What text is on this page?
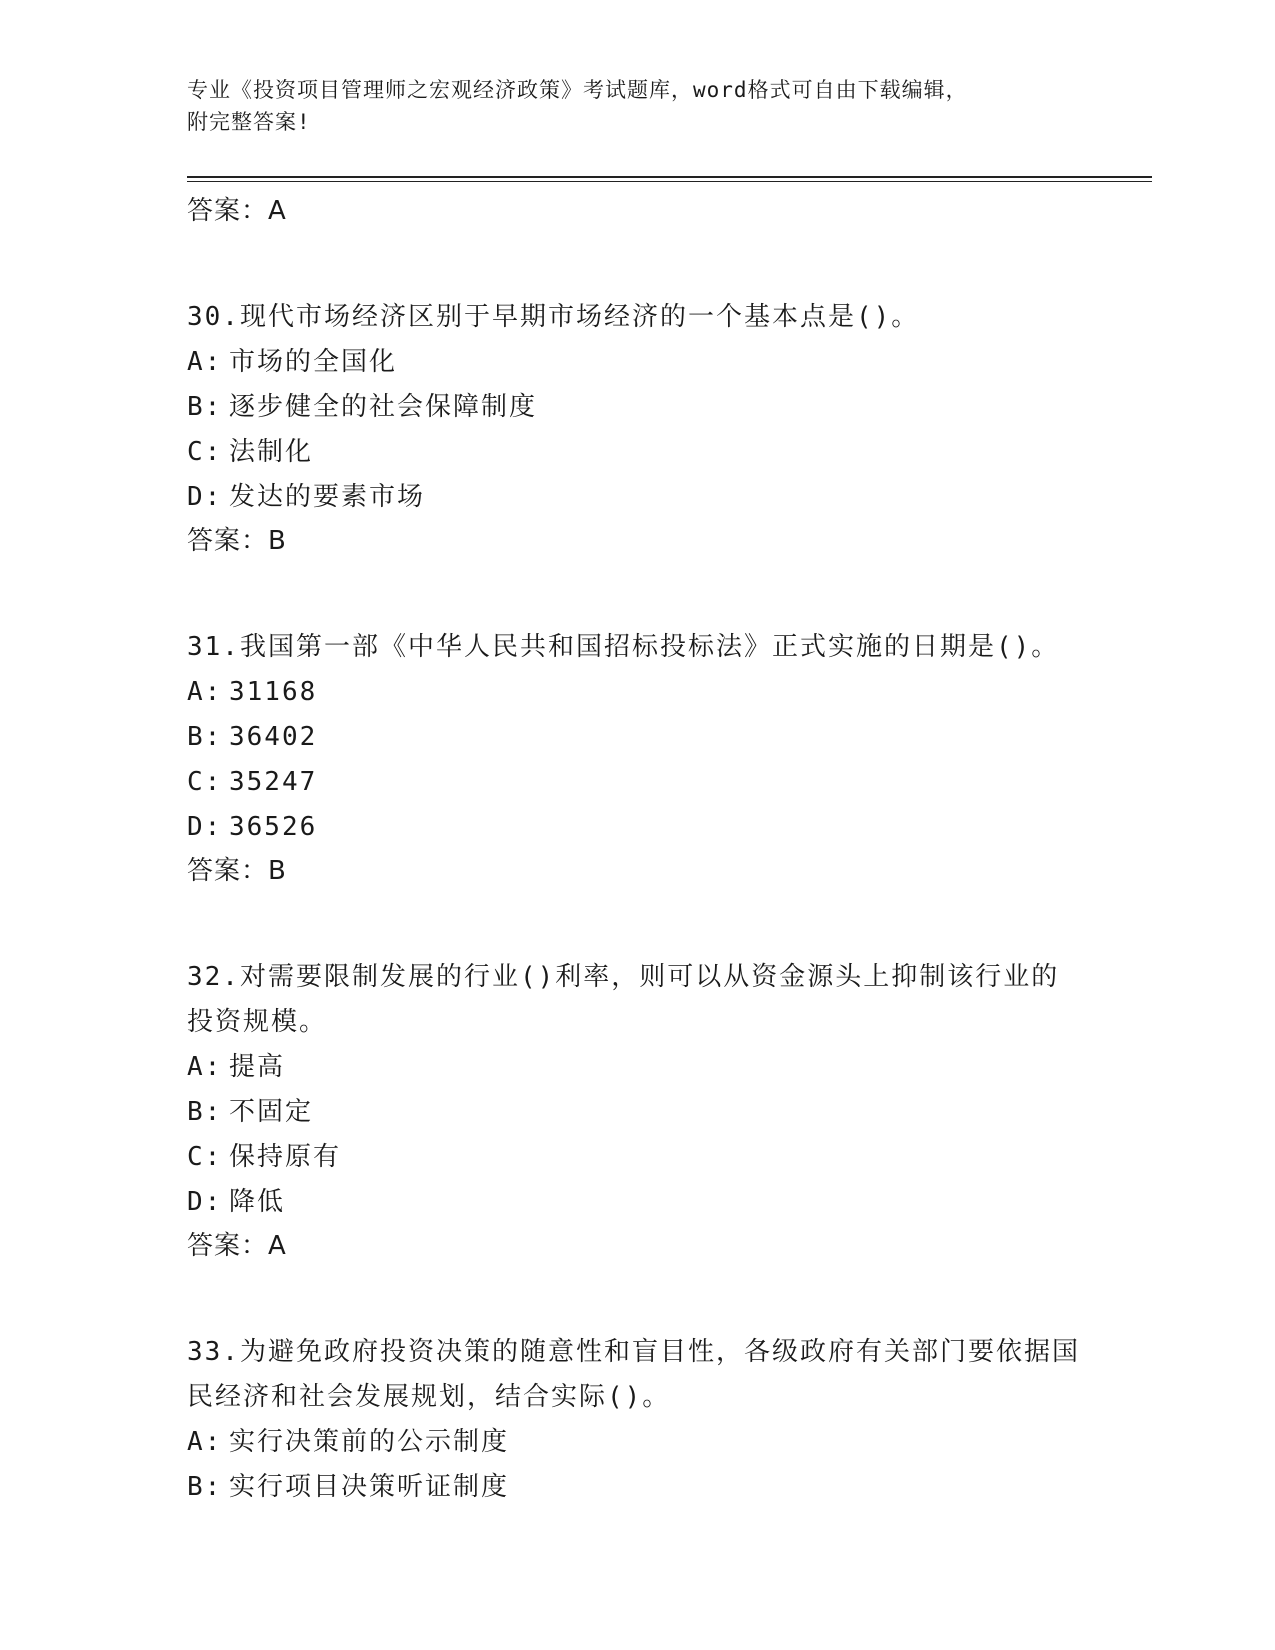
专业《投资项目管理师之宏观经济政策》考试题库，word格式可自由下载编辑，
附完整答案!
答案：A
30.现代市场经济区别于早期市场经济的一个基本点是()。
A: 市场的全国化
B: 逐步健全的社会保障制度
C: 法制化
D: 发达的要素市场
答案：B
31.我国第一部《中华人民共和国招标投标法》正式实施的日期是()。
A: 31168
B: 36402
C: 35247
D: 36526
答案：B
32.对需要限制发展的行业()利率，则可以从资金源头上抑制该行业的投资规模。
A: 提高
B: 不固定
C: 保持原有
D: 降低
答案：A
33.为避免政府投资决策的随意性和盲目性，各级政府有关部门要依据国民经济和社会发展规划，结合实际()。
A: 实行决策前的公示制度
B: 实行项目决策听证制度
